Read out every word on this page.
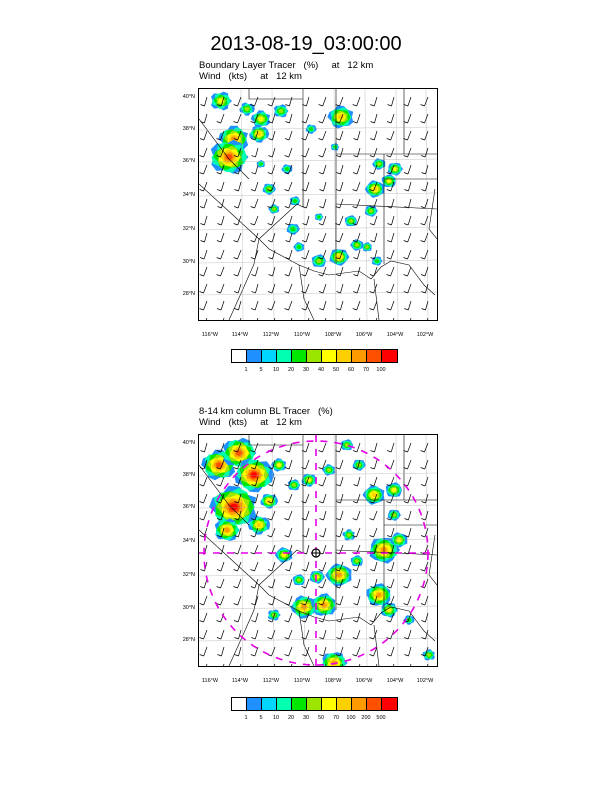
2013-08-19_03:00:00
Boundary Layer Tracer   (%)     at   12 km
Wind   (kts)     at   12 km
40°N
38°N
36°N
34°N
32°N
30°N
28°N
116°W	114°W	112°W	110°W	108°W	106°W	104°W	102°W
1	5	10	20	30	40	50	60	70	100
8-14 km column BL Tracer   (%)
Wind   (kts)     at   12 km
40°N
38°N
36°N
34°N
32°N
30°N
28°N
116°W	114°W	112°W	110°W	108°W	106°W	104°W	102°W
1	5	10	20	30	50	70	100	200	500
